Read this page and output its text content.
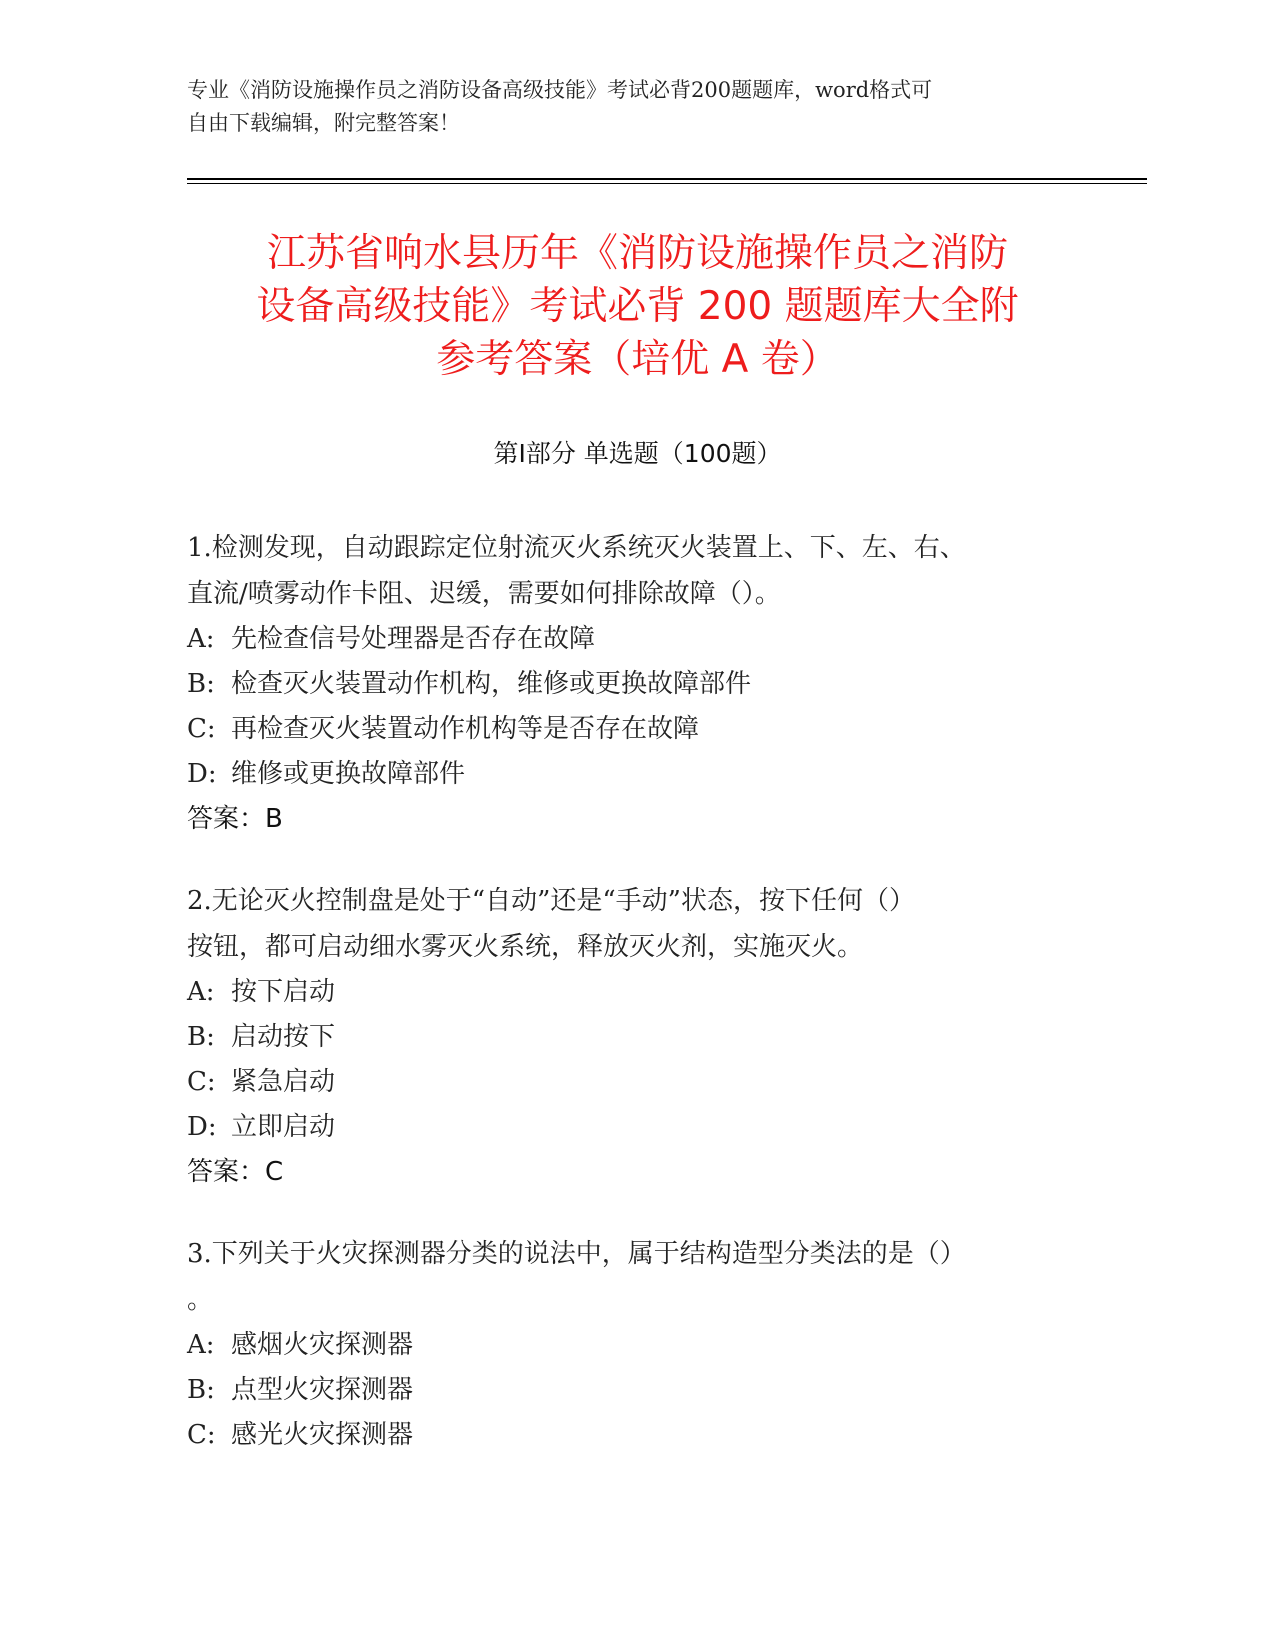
专业《消防设施操作员之消防设备高级技能》考试必背200题题库，word格式可

自由下载编辑，附完整答案！

江苏省响水县历年《消防设施操作员之消防

设备高级技能》考试必背 200 题题库大全附

参考答案（培优 A 卷）

第Ⅰ部分 单选题（100题）

1.检测发现，自动跟踪定位射流灭火系统灭火装置上、下、左、右、

直流/喷雾动作卡阻、迟缓，需要如何排除故障（）。

A: 先检查信号处理器是否存在故障
B: 检查灭火装置动作机构，维修或更换故障部件
C: 再检查灭火装置动作机构等是否存在故障
D: 维修或更换故障部件
答案：B

2.无论灭火控制盘是处于“自动”还是“手动”状态，按下任何（）

按钮，都可启动细水雾灭火系统，释放灭火剂，实施灭火。

A: 按下启动
B: 启动按下
C: 紧急启动
D: 立即启动
答案：C

3.下列关于火灾探测器分类的说法中，属于结构造型分类法的是（）

。

A: 感烟火灾探测器
B: 点型火灾探测器
C: 感光火灾探测器
